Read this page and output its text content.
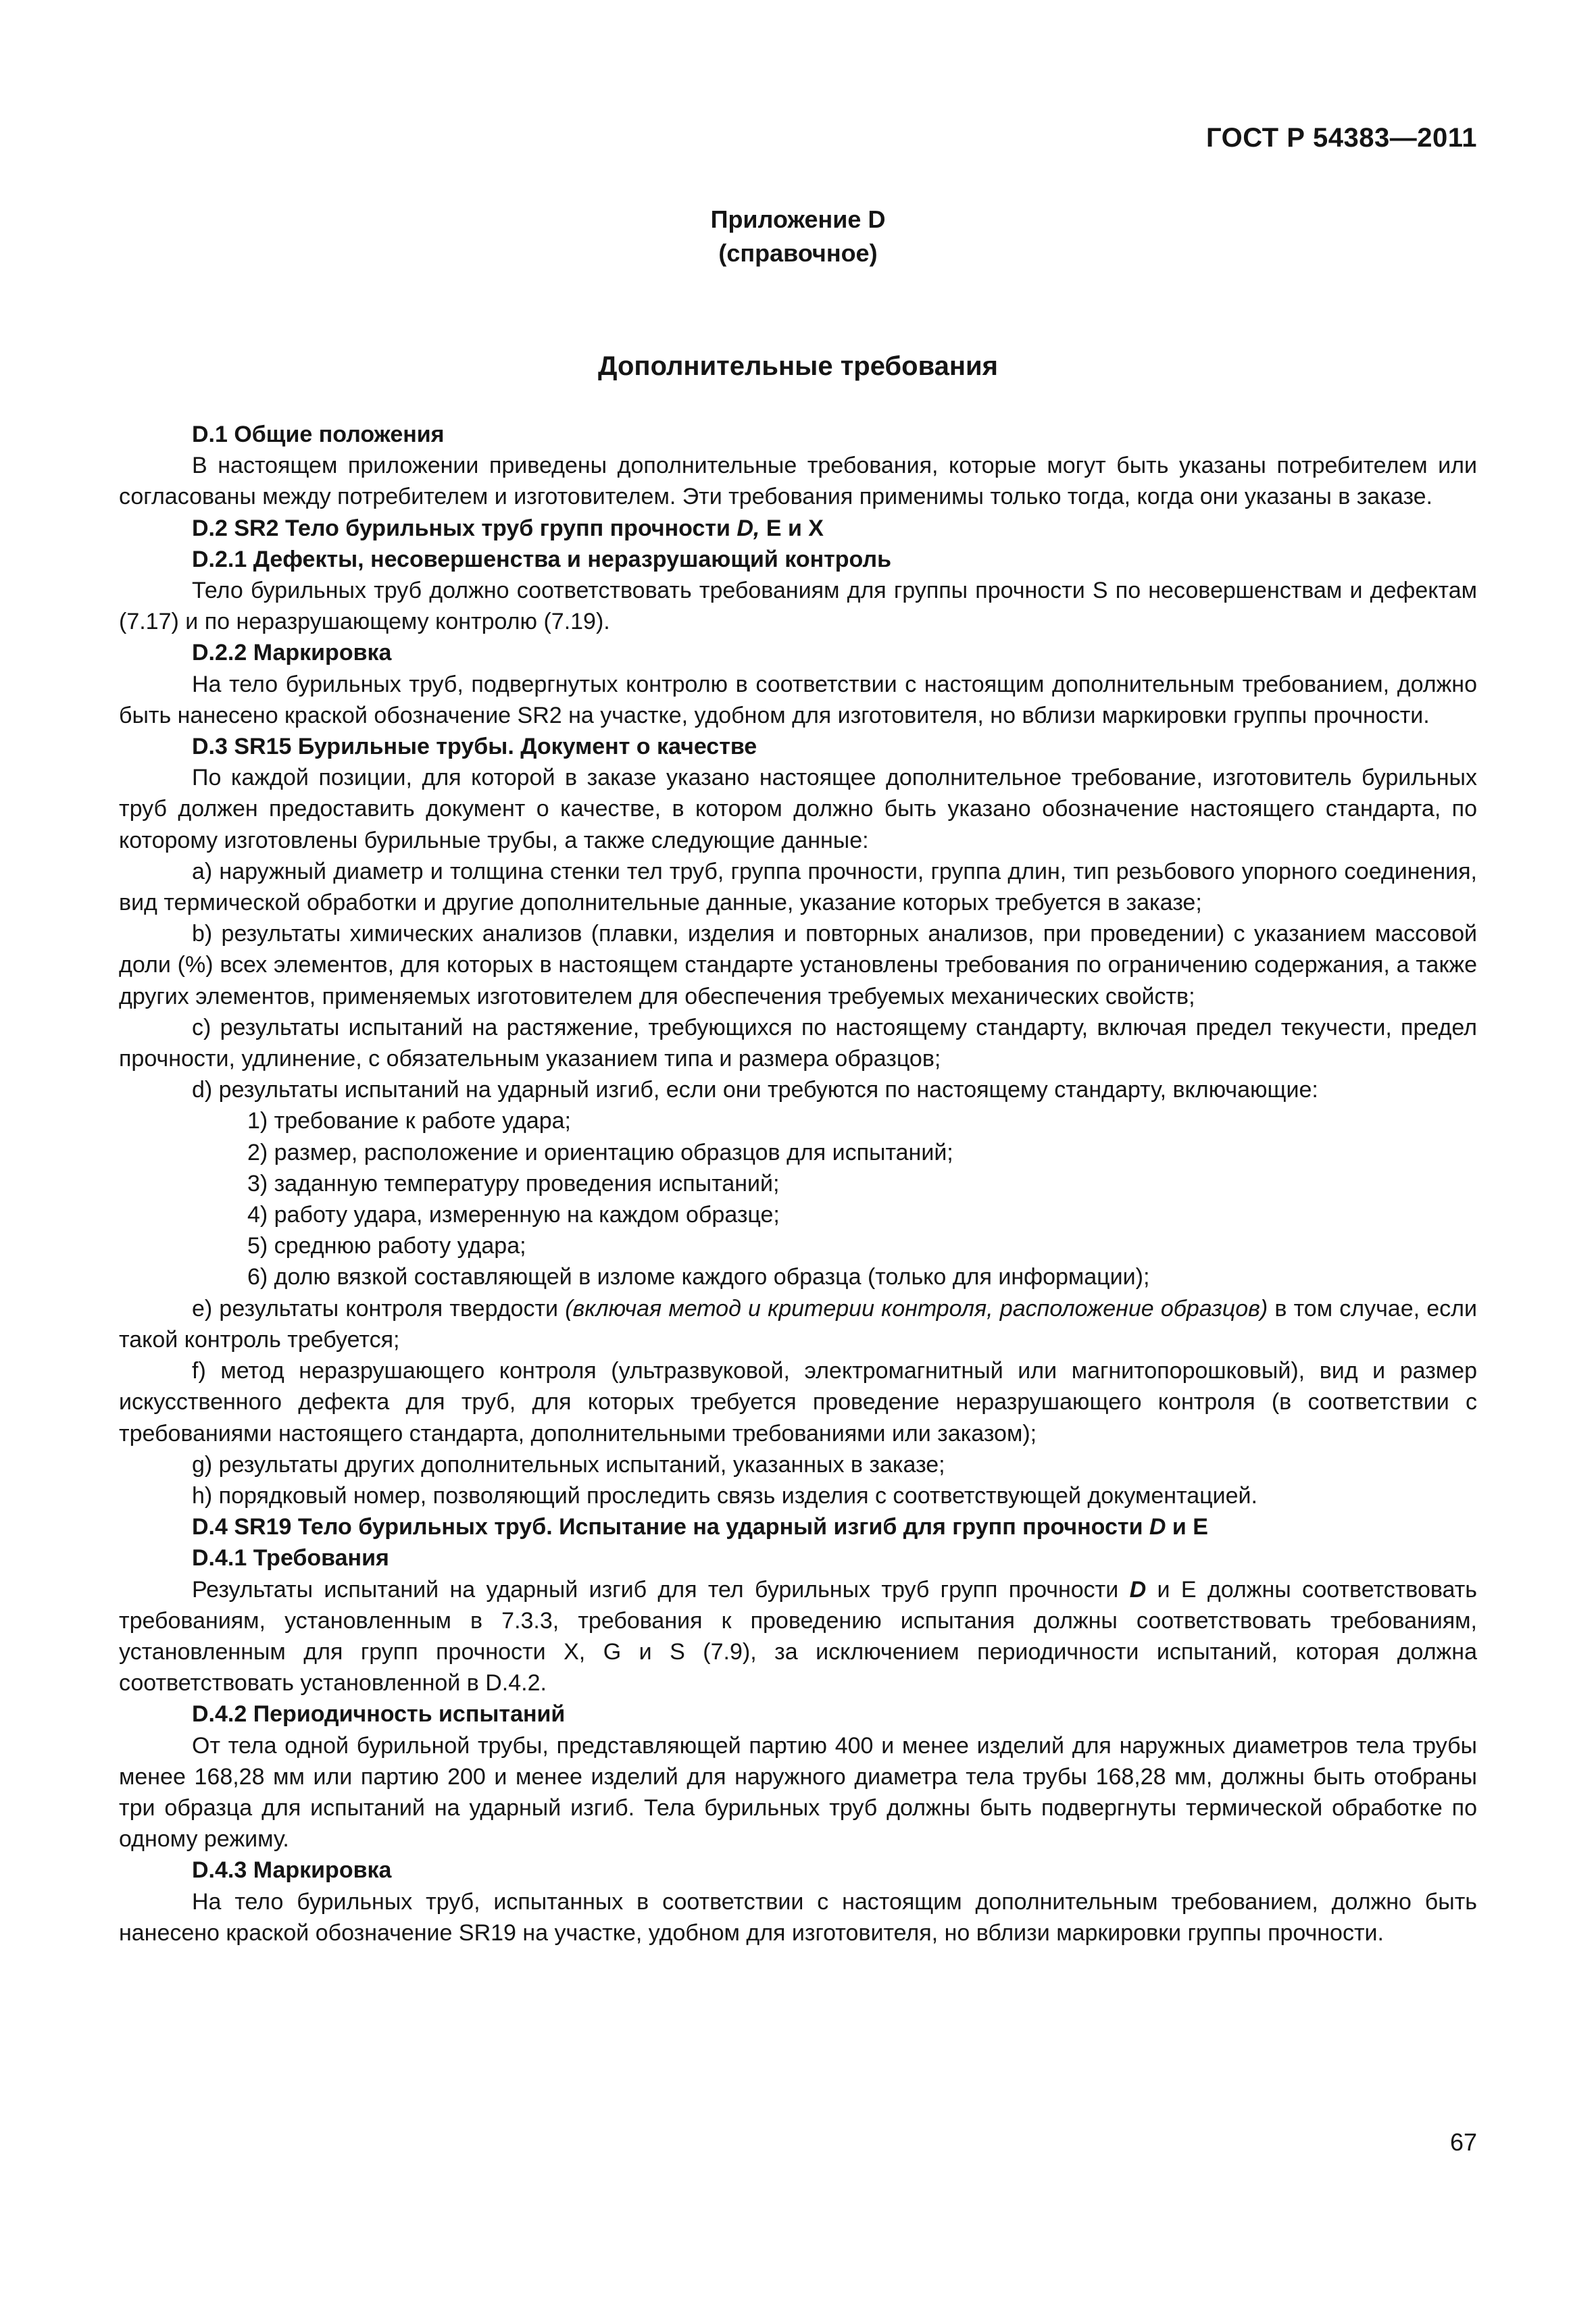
ГОСТ Р 54383—2011
Приложение D
(справочное)
Дополнительные требования
D.1 Общие положения

В настоящем приложении приведены дополнительные требования, которые могут быть указаны потребителем или согласованы между потребителем и изготовителем. Эти требования применимы только тогда, когда они указаны в заказе.

D.2 SR2 Тело бурильных труб групп прочности D, Е и X
D.2.1 Дефекты, несовершенства и неразрушающий контроль

Тело бурильных труб должно соответствовать требованиям для группы прочности S по несовершенствам и дефектам (7.17) и по неразрушающему контролю (7.19).

D.2.2 Маркировка

На тело бурильных труб, подвергнутых контролю в соответствии с настоящим дополнительным требованием, должно быть нанесено краской обозначение SR2 на участке, удобном для изготовителя, но вблизи маркировки группы прочности.

D.3 SR15 Бурильные трубы. Документ о качестве

По каждой позиции, для которой в заказе указано настоящее дополнительное требование, изготовитель бурильных труб должен предоставить документ о качестве, в котором должно быть указано обозначение настоящего стандарта, по которому изготовлены бурильные трубы, а также следующие данные:

а) наружный диаметр и толщина стенки тел труб, группа прочности, группа длин, тип резьбового упорного соединения, вид термической обработки и другие дополнительные данные, указание которых требуется в заказе;

b) результаты химических анализов (плавки, изделия и повторных анализов, при проведении) с указанием массовой доли (%) всех элементов, для которых в настоящем стандарте установлены требования по ограничению содержания, а также других элементов, применяемых изготовителем для обеспечения требуемых механических свойств;

с) результаты испытаний на растяжение, требующихся по настоящему стандарту, включая предел текучести, предел прочности, удлинение, с обязательным указанием типа и размера образцов;

d) результаты испытаний на ударный изгиб, если они требуются по настоящему стандарту, включающие:

1) требование к работе удара;

2) размер, расположение и ориентацию образцов для испытаний;

3) заданную температуру проведения испытаний;

4) работу удара, измеренную на каждом образце;

5) среднюю работу удара;

6) долю вязкой составляющей в изломе каждого образца (только для информации);

е) результаты контроля твердости (включая метод и критерии контроля, расположение образцов) в том случае, если такой контроль требуется;

f) метод неразрушающего контроля (ультразвуковой, электромагнитный или магнитопорошковый), вид и размер искусственного дефекта для труб, для которых требуется проведение неразрушающего контроля (в соответствии с требованиями настоящего стандарта, дополнительными требованиями или заказом);

g) результаты других дополнительных испытаний, указанных в заказе;

h) порядковый номер, позволяющий проследить связь изделия с соответствующей документацией.

D.4 SR19 Тело бурильных труб. Испытание на ударный изгиб для групп прочности D и Е
D.4.1 Требования

Результаты испытаний на ударный изгиб для тел бурильных труб групп прочности D и Е должны соответствовать требованиям, установленным в 7.3.3, требования к проведению испытания должны соответствовать требованиям, установленным для групп прочности X, G и S (7.9), за исключением периодичности испытаний, которая должна соответствовать установленной в D.4.2.

D.4.2 Периодичность испытаний

От тела одной бурильной трубы, представляющей партию 400 и менее изделий для наружных диаметров тела трубы менее 168,28 мм или партию 200 и менее изделий для наружного диаметра тела трубы 168,28 мм, должны быть отобраны три образца для испытаний на ударный изгиб. Тела бурильных труб должны быть подвергнуты термической обработке по одному режиму.

D.4.3 Маркировка

На тело бурильных труб, испытанных в соответствии с настоящим дополнительным требованием, должно быть нанесено краской обозначение SR19 на участке, удобном для изготовителя, но вблизи маркировки группы прочности.

67
